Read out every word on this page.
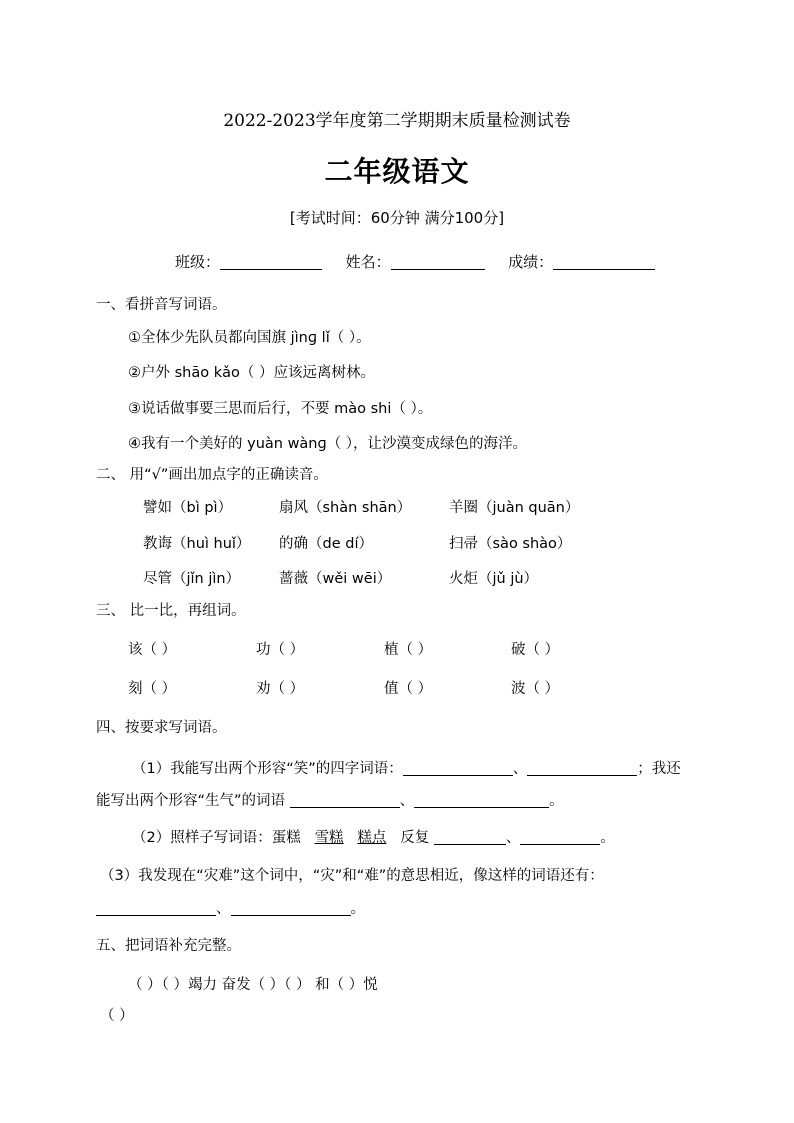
2022-2023学年度第二学期期末质量检测试卷
二年级语文
[考试时间：60分钟 满分100分]
班级：	姓名：	成绩：
一、看拼音写词语。
①全体少先队员都向国旗 jìnɡ lǐ（ ）。
②户外 shāo kǎo（ ）应该远离树林。
③说话做事要三思而后行，不要 mào shi（ ）。
④我有一个美好的 yuàn wànɡ（ ），让沙漠变成绿色的海洋。
二、 用“√”画出加点字的正确读音。
譬如（bì pì）	扇风（shàn shān）	羊圈（juàn quān）
教诲（huì huǐ） 的确（de dí）	扫帚（sào shào）
尽管（jǐn jìn）	蔷薇（wěi wēi）	火炬（jǔ jù）
三、 比一比，再组词。
该（ ）	功（ ）	植（ ）	破（ ）
刻（ ）	劝（ ）	值（ ）	波（ ）
四、按要求写词语。
（1）我能写出两个形容“笑”的四字词语：	、	；我还
能写出两个形容“生气”的词语	、	。
（2）照样子写词语：蛋糕 雪糕 糕点 反复	、	。
（3）我发现在“灾难”这个词中，“灾”和“难”的意思相近，像这样的词语还有：
、	。
五、把词语补充完整。
（ ）（ ）竭力 奋发（ ）（ ） 和（ ）悦
（ ）
